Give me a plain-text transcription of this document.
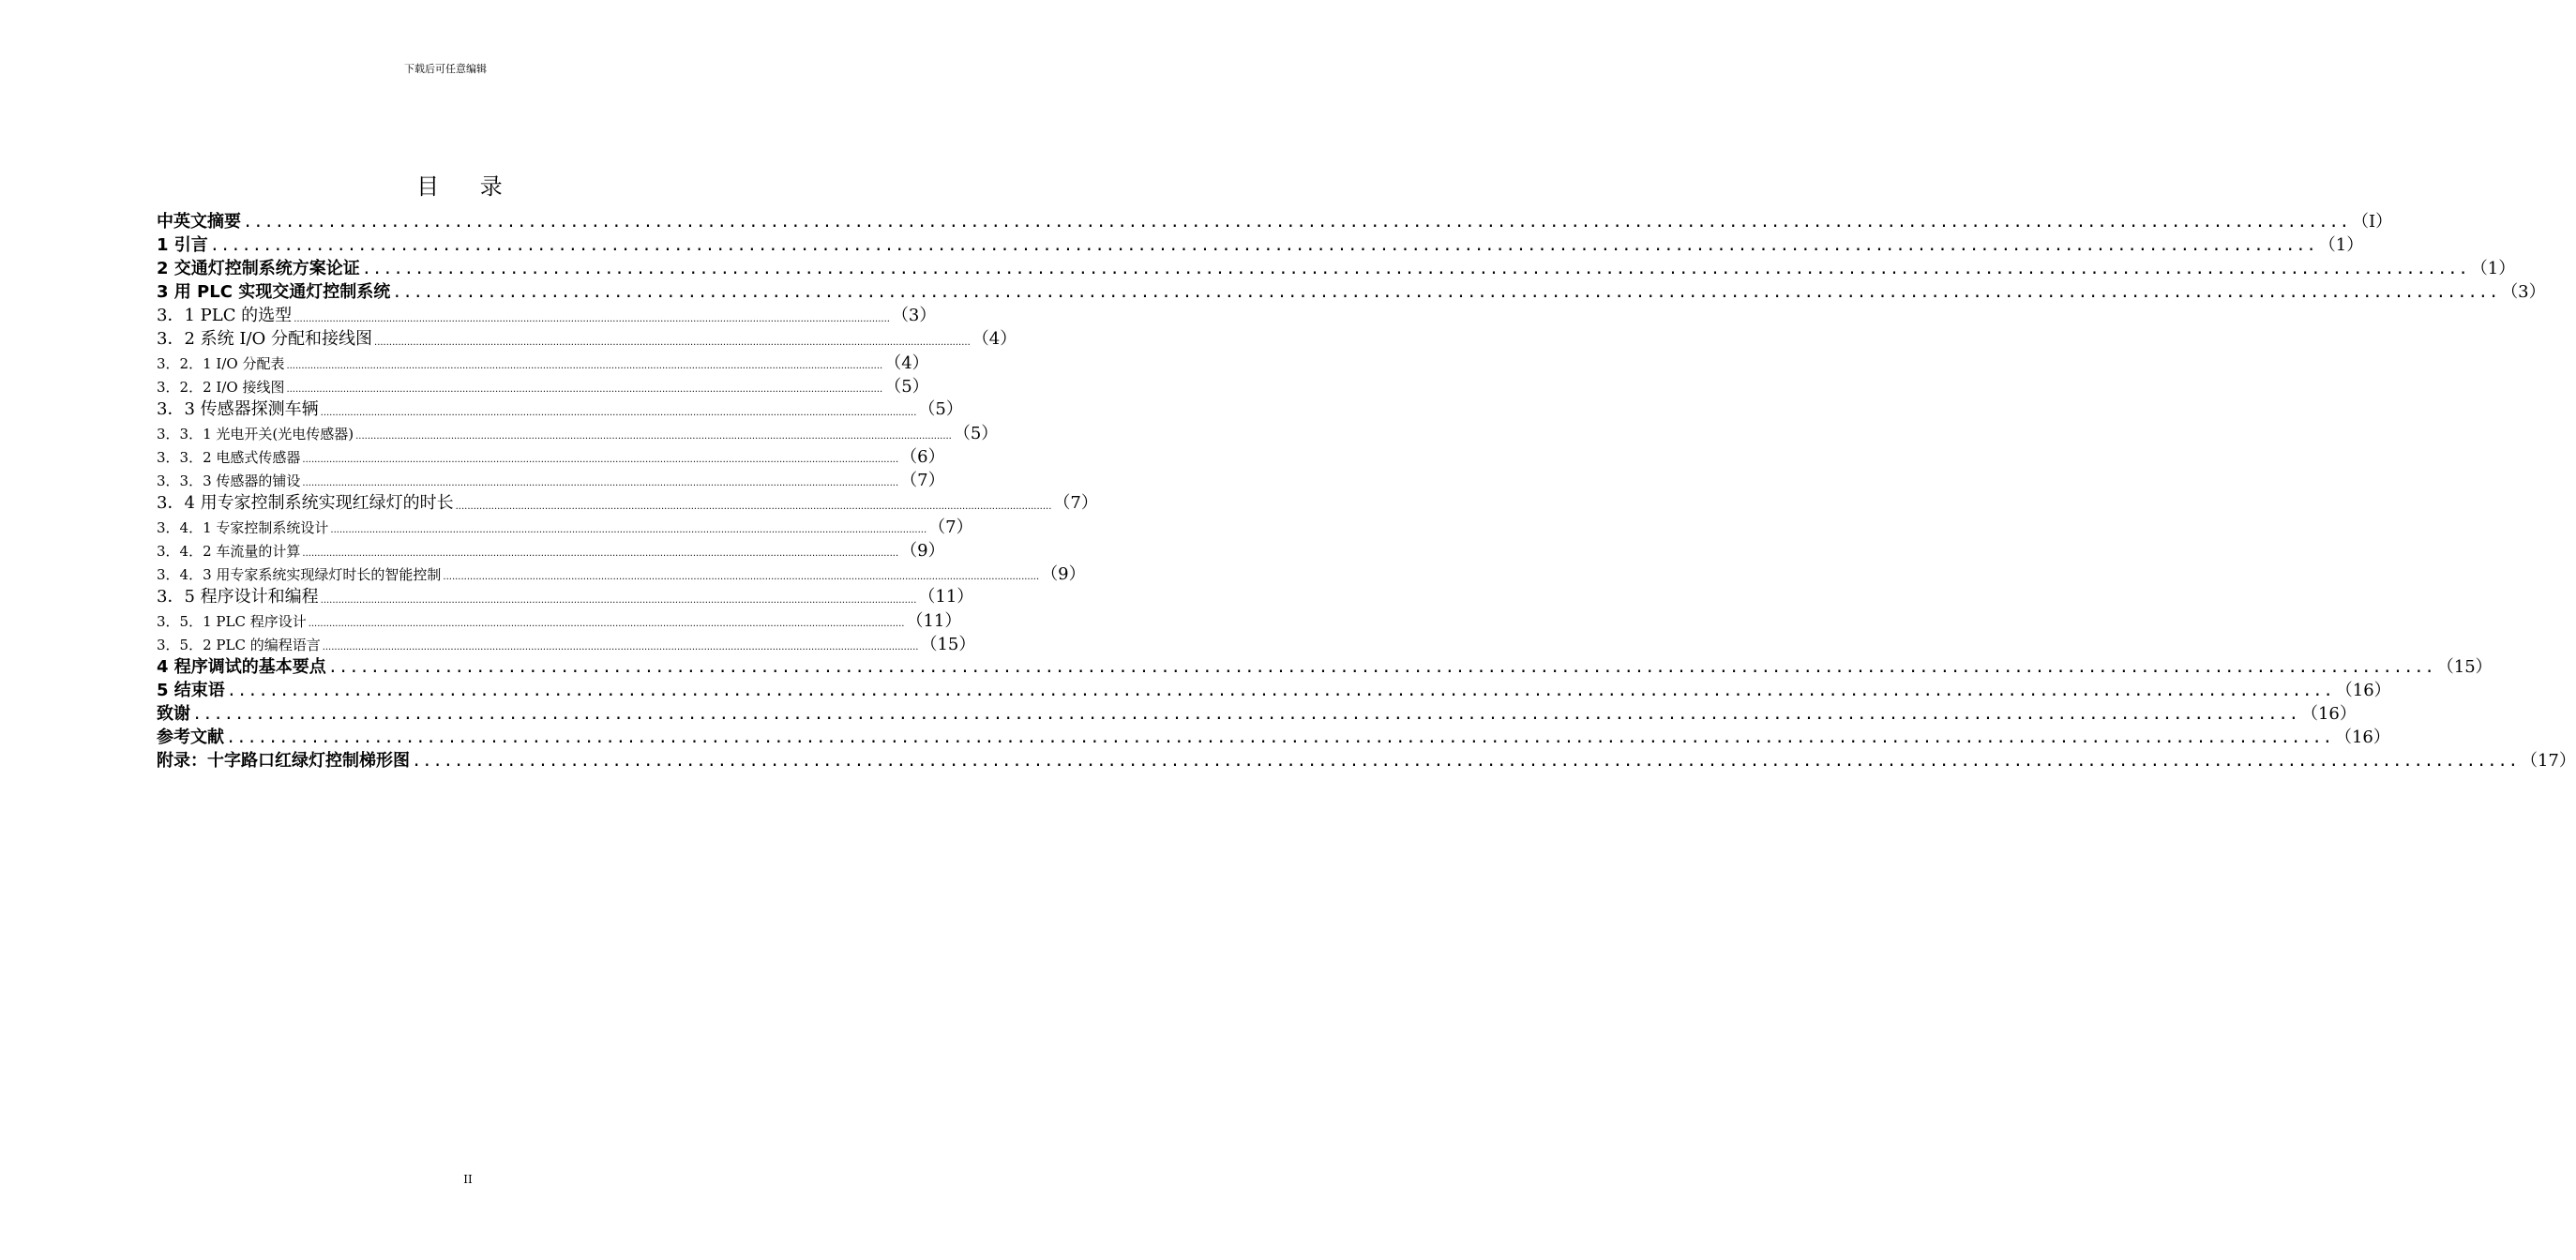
下载后可任意编辑
目 录
中英文摘要 ........................................................................................................................................................................................................ （I）
1 引言 ........................................................................................................................................................................................................ （1）
2 交通灯控制系统方案论证 ........................................................................................................................................................................................................ （1）
3 用 PLC 实现交通灯控制系统 ........................................................................................................................................................................................................ （3）
3．1 PLC 的选型 ........................................................................................................................................................................................................ （3）
3．2 系统 I/O 分配和接线图 ........................................................................................................................................................................................................ （4）
3．2．1 I/O 分配表 ........................................................................................................................................................................................................ （4）
3．2．2 I/O 接线图 ........................................................................................................................................................................................................ （5）
3．3 传感器探测车辆 ........................................................................................................................................................................................................ （5）
3．3．1 光电开关(光电传感器) ........................................................................................................................................................................................................ （5）
3．3．2 电感式传感器 ........................................................................................................................................................................................................ （6）
3．3．3 传感器的铺设 ........................................................................................................................................................................................................ （7）
3．4 用专家控制系统实现红绿灯的时长 ........................................................................................................................................................................................................ （7）
3．4．1 专家控制系统设计 ........................................................................................................................................................................................................ （7）
3．4．2 车流量的计算 ........................................................................................................................................................................................................ （9）
3．4．3 用专家系统实现绿灯时长的智能控制 ........................................................................................................................................................................................................ （9）
3．5 程序设计和编程 ........................................................................................................................................................................................................ （11）
3．5．1 PLC 程序设计 ........................................................................................................................................................................................................ （11）
3．5．2 PLC 的编程语言 ........................................................................................................................................................................................................ （15）
4 程序调试的基本要点 ........................................................................................................................................................................................................ （15）
5 结束语 ........................................................................................................................................................................................................ （16）
致谢 ........................................................................................................................................................................................................ （16）
参考文献 ........................................................................................................................................................................................................ （16）
附录：十字路口红绿灯控制梯形图 ........................................................................................................................................................................................................ （17）
II
